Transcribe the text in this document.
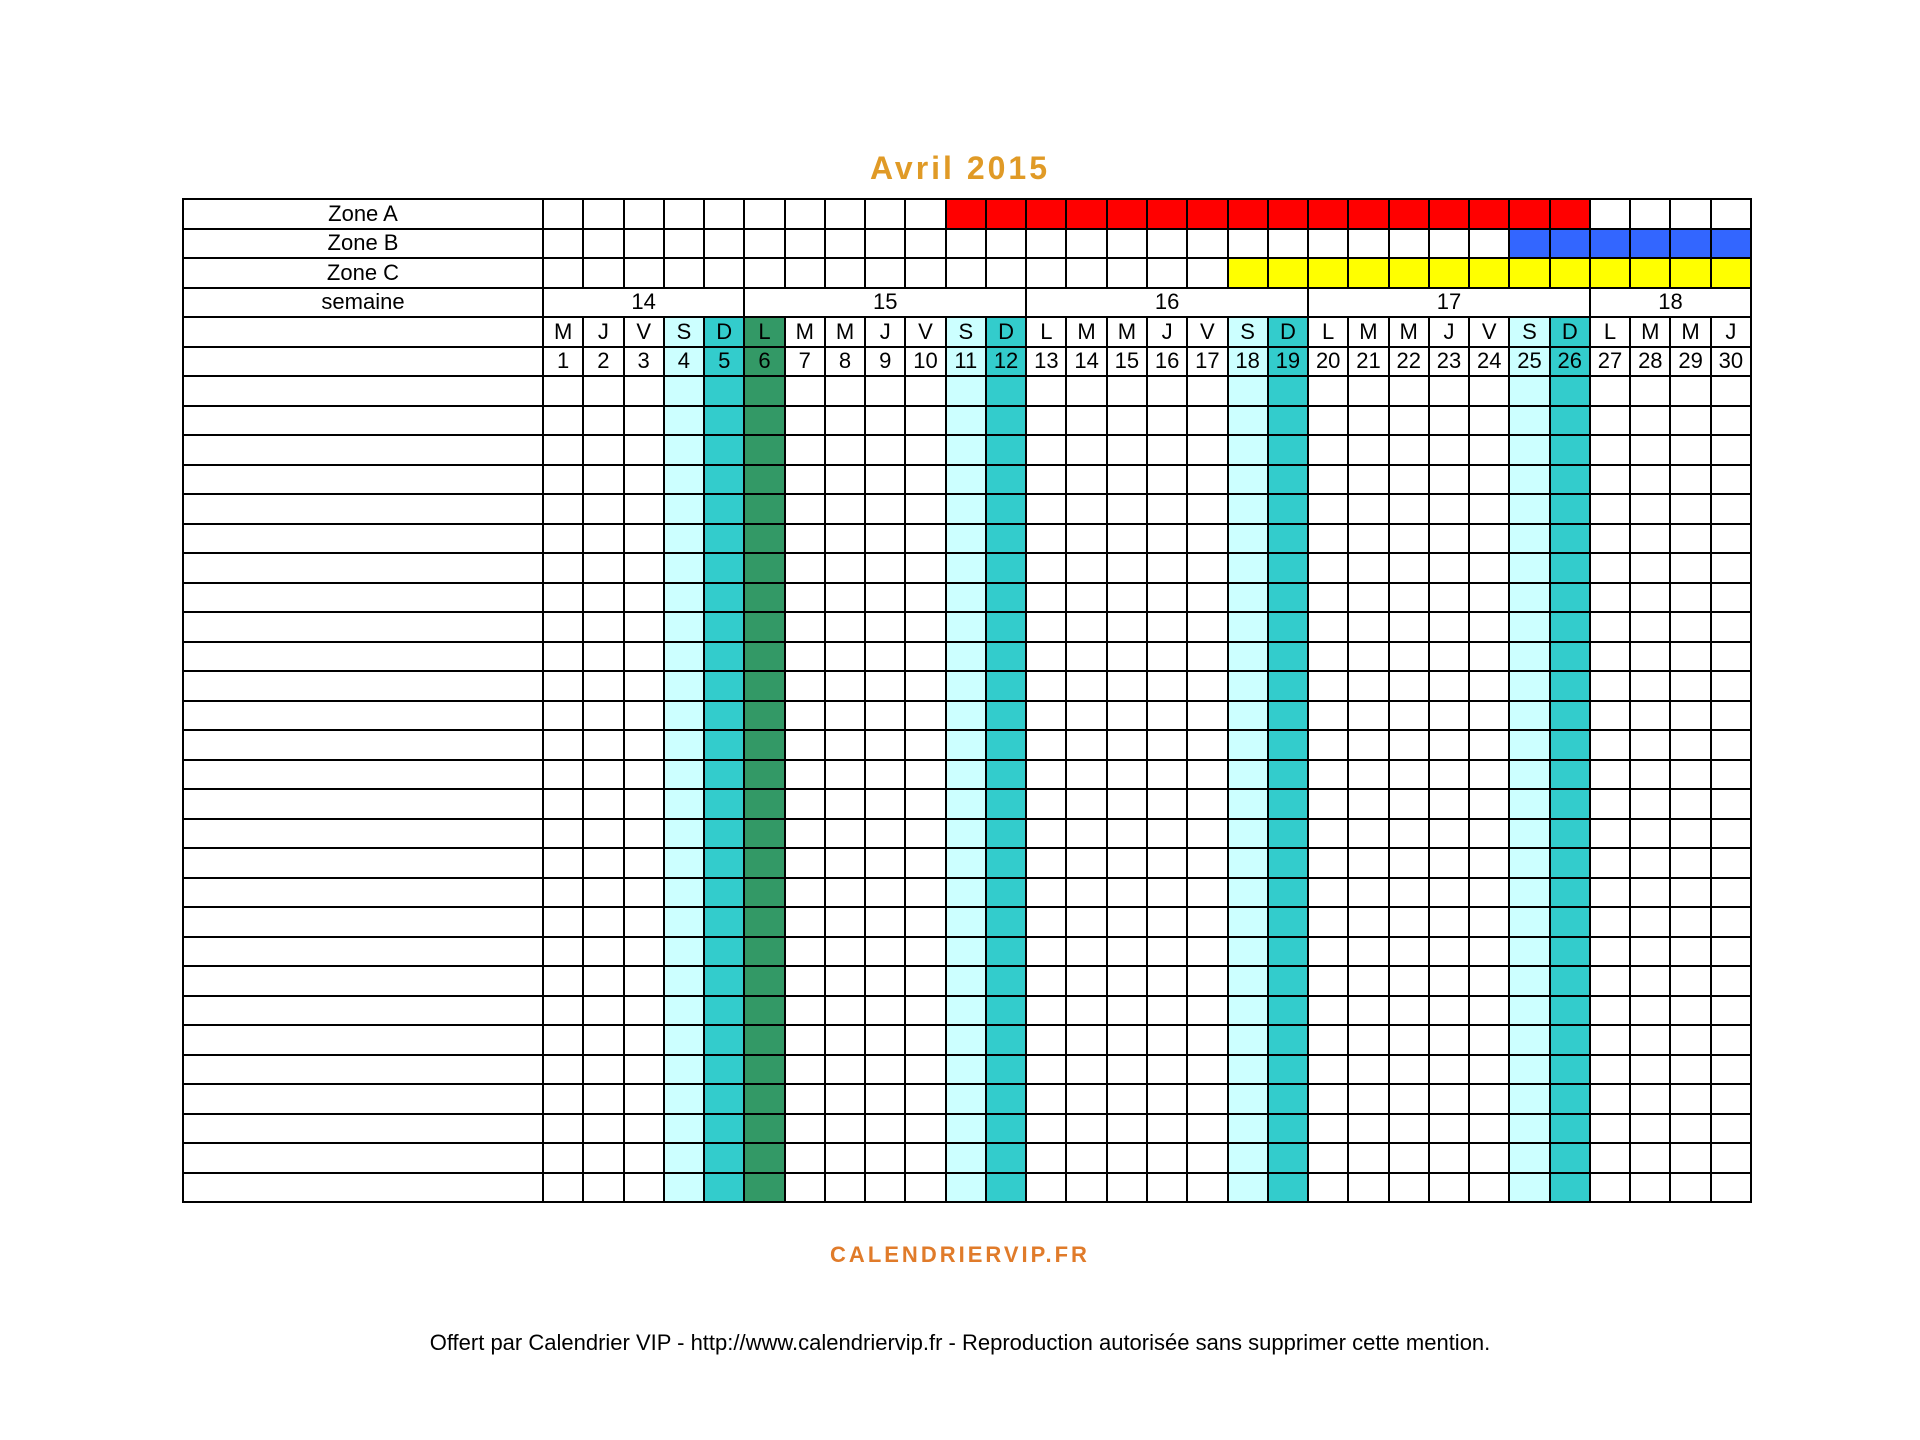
Avril 2015
Zone A																														
Zone B																														
Zone C																														
semaine	14					15							16							17							18			
	M	J	V	S	D	L	M	M	J	V	S	D	L	M	M	J	V	S	D	L	M	M	J	V	S	D	L	M	M	J
	1	2	3	4	5	6	7	8	9	10	11	12	13	14	15	16	17	18	19	20	21	22	23	24	25	26	27	28	29	30

CALENDRIERVIP.FR
Offert par Calendrier VIP - http://www.calendriervip.fr - Reproduction autorisée sans supprimer cette mention.
